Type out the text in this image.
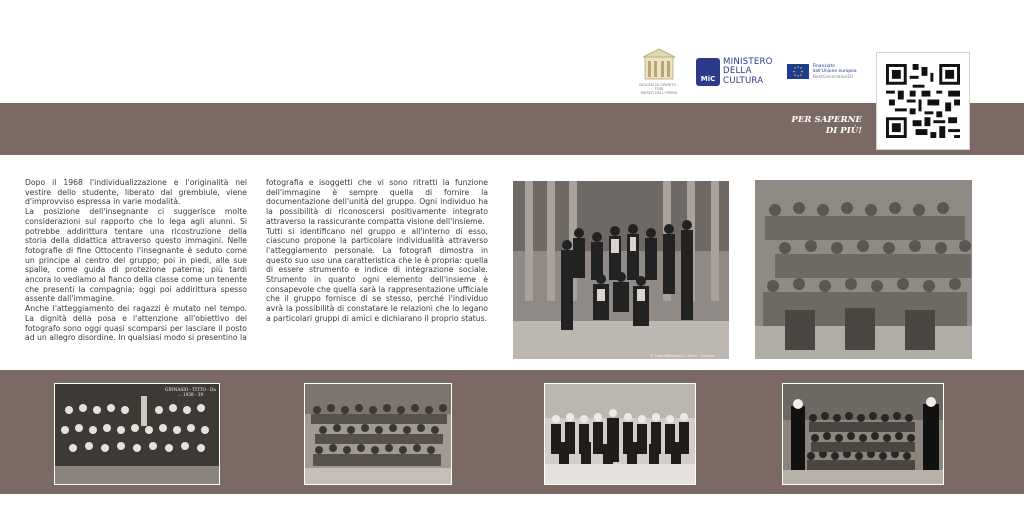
DIOCESI DI ORVIETO - TODI
MUSEO DELL'OPERA
MiC
MINISTERO
DELLA
CULTURA
Finanziato
dall'Unione europea
NextGenerationEU
PER SAPERNE
DI PIÙ!

Dopo il 1968 l'individualizzazione e l'originalità nel vestire dello studente, liberato dal grembiule, viene d'improvviso espressa in varie modalità.

La posizione dell'insegnante ci suggerisce molte considerazioni sul rapporto che lo lega agli alunni. Si potrebbe addirittura tentare una ricostruzione della storia della didattica attraverso questo immagini. Nelle fotografie di fine Ottocento l'insegnante è seduto come un principe al centro del gruppo; poi in piedi, alle sue spalle, come guida di protezione paterna; più tardi ancora lo vediamo al fianco della classe come un tenente che presenti la compagnia; oggi poi addirittura spesso assente dall'immagine.

Anche l'atteggiamento dei ragazzi è mutato nel tempo. La dignità della posa e l'attenzione all'obiettivo del fotografo sono oggi quasi scomparsi per lasciare il posto ad un allegro disordine. In qualsiasi modo si presentino la

fotografia e isoggetti che vi sono ritratti la funzione dell'immagine è sempre quella di fornire la documentazione dell'unità del gruppo. Ogni individuo ha la possibilità di riconoscersi positivamente integrato attraverso la rassicurante compatta visione dell'insieme.

Tutti si identificano nel gruppo e all'interno di esso, ciascuno propone la particolare individualità attraverso l'atteggiamento personale. La fotografi dimostra in questo suo uso una caratteristica che le è propria: quella di essere strumento e indice di integrazione sociale. Strumento in quanto ogni elemento dell'insieme è consapevole che quella sarà la rappresentazione ufficiale che il gruppo fornisce di se stesso, perché l'individuo avrà la possibilità di constatare le relazioni che lo legano a particolari gruppi di amici e dichiarano il proprio status.

© Foto Biblioteca L.Fumi - Orvieto
GINNASIO - TITTO - Da
... 1938 - 39
